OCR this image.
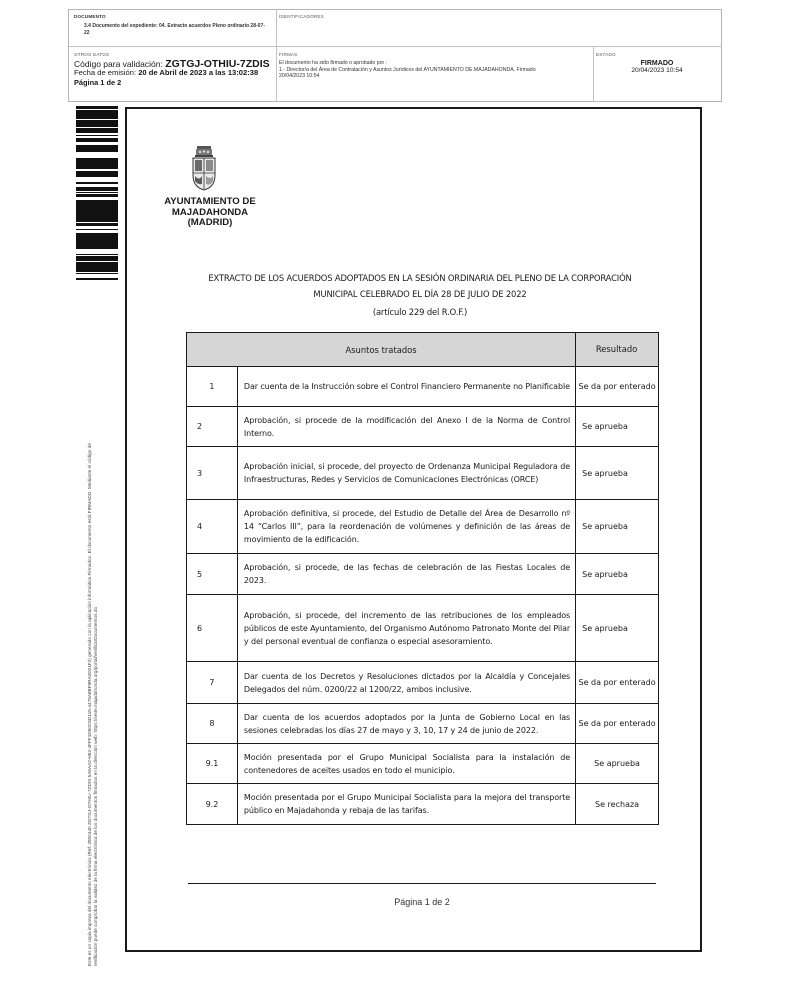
DOCUMENTO
3.4 Documento del expediente: 04. Extracto acuerdos Pleno ordinario 28-07-22
IDENTIFICADORES
OTROS DATOS
Código para validación: ZGTGJ-OTHIU-7ZDIS
Fecha de emisión: 20 de Abril de 2023 a las 13:02:38
Página 1 de 2
FIRMAS
El documento ha sido firmado o aprobado por :
1.- Director/a del Área de Contratación y Asuntos Jurídicos del AYUNTAMIENTO DE MAJADAHONDA. Firmado
20/04/2023 10:54
ESTADO
FIRMADO
20/04/2023 10:54
Este es un copia impresa del documento electrónico (Ref: 2800440 ZGTGJ-OTHIU-7ZDIS 5A5AA2-H62-4FFF1D50C5D115-4479A8BF9RA0D01F2) generado con la aplicación informática Firmadoc. El documento está FIRMADO. Mediante el código de verificación puede comprobar la validez de la firma electrónica de los documentos firmados en la dirección web: https://sede.majadahonda.org/portal/verificarDocumentos.do
AYUNTAMIENTO DE
MAJADAHONDA
(MADRID)
EXTRACTO DE LOS ACUERDOS ADOPTADOS EN LA SESIÓN ORDINARIA DEL PLENO DE LA CORPORACIÓN
MUNICIPAL CELEBRADO EL DÍA 28 DE JULIO DE 2022
(artículo 229 del R.O.F.)
Asuntos tratados		Resultado
1	Dar cuenta de la Instrucción sobre el Control Financiero Permanente no Planificable	Se da por enterado
2	Aprobación, si procede de la modificación del Anexo I de la Norma de Control Interno.	Se aprueba
3	Aprobación inicial, si procede, del proyecto de Ordenanza Municipal Reguladora de Infraestructuras, Redes y Servicios de Comunicaciones Electrónicas (ORCE)	Se aprueba
4	Aprobación definitiva, si procede, del Estudio de Detalle del Área de Desarrollo nº 14 “Carlos III”, para la reordenación de volúmenes y definición de las áreas de movimiento de la edificación.	Se aprueba
5	Aprobación, si procede, de las fechas de celebración de las Fiestas Locales de 2023.	Se aprueba
6	Aprobación, si procede, del incremento de las retribuciones de los empleados públicos de este Ayuntamiento, del Organismo Autónomo Patronato Monte del Pilar y del personal eventual de confianza o especial asesoramiento.	Se aprueba
7	Dar cuenta de los Decretos y Resoluciones dictados por la Alcaldía y Concejales Delegados del núm. 0200/22 al 1200/22, ambos inclusive.	Se da por enterado
8	Dar cuenta de los acuerdos adoptados por la Junta de Gobierno Local en las sesiones celebradas los días 27 de mayo y 3, 10, 17 y 24 de junio de 2022.	Se da por enterado
9.1	Moción presentada por el Grupo Municipal Socialista para la instalación de contenedores de aceites usados en todo el municipio.	Se aprueba
9.2	Moción presentada por el Grupo Municipal Socialista para la mejora del transporte público en Majadahonda y rebaja de las tarifas.	Se rechaza
Página 1 de 2
